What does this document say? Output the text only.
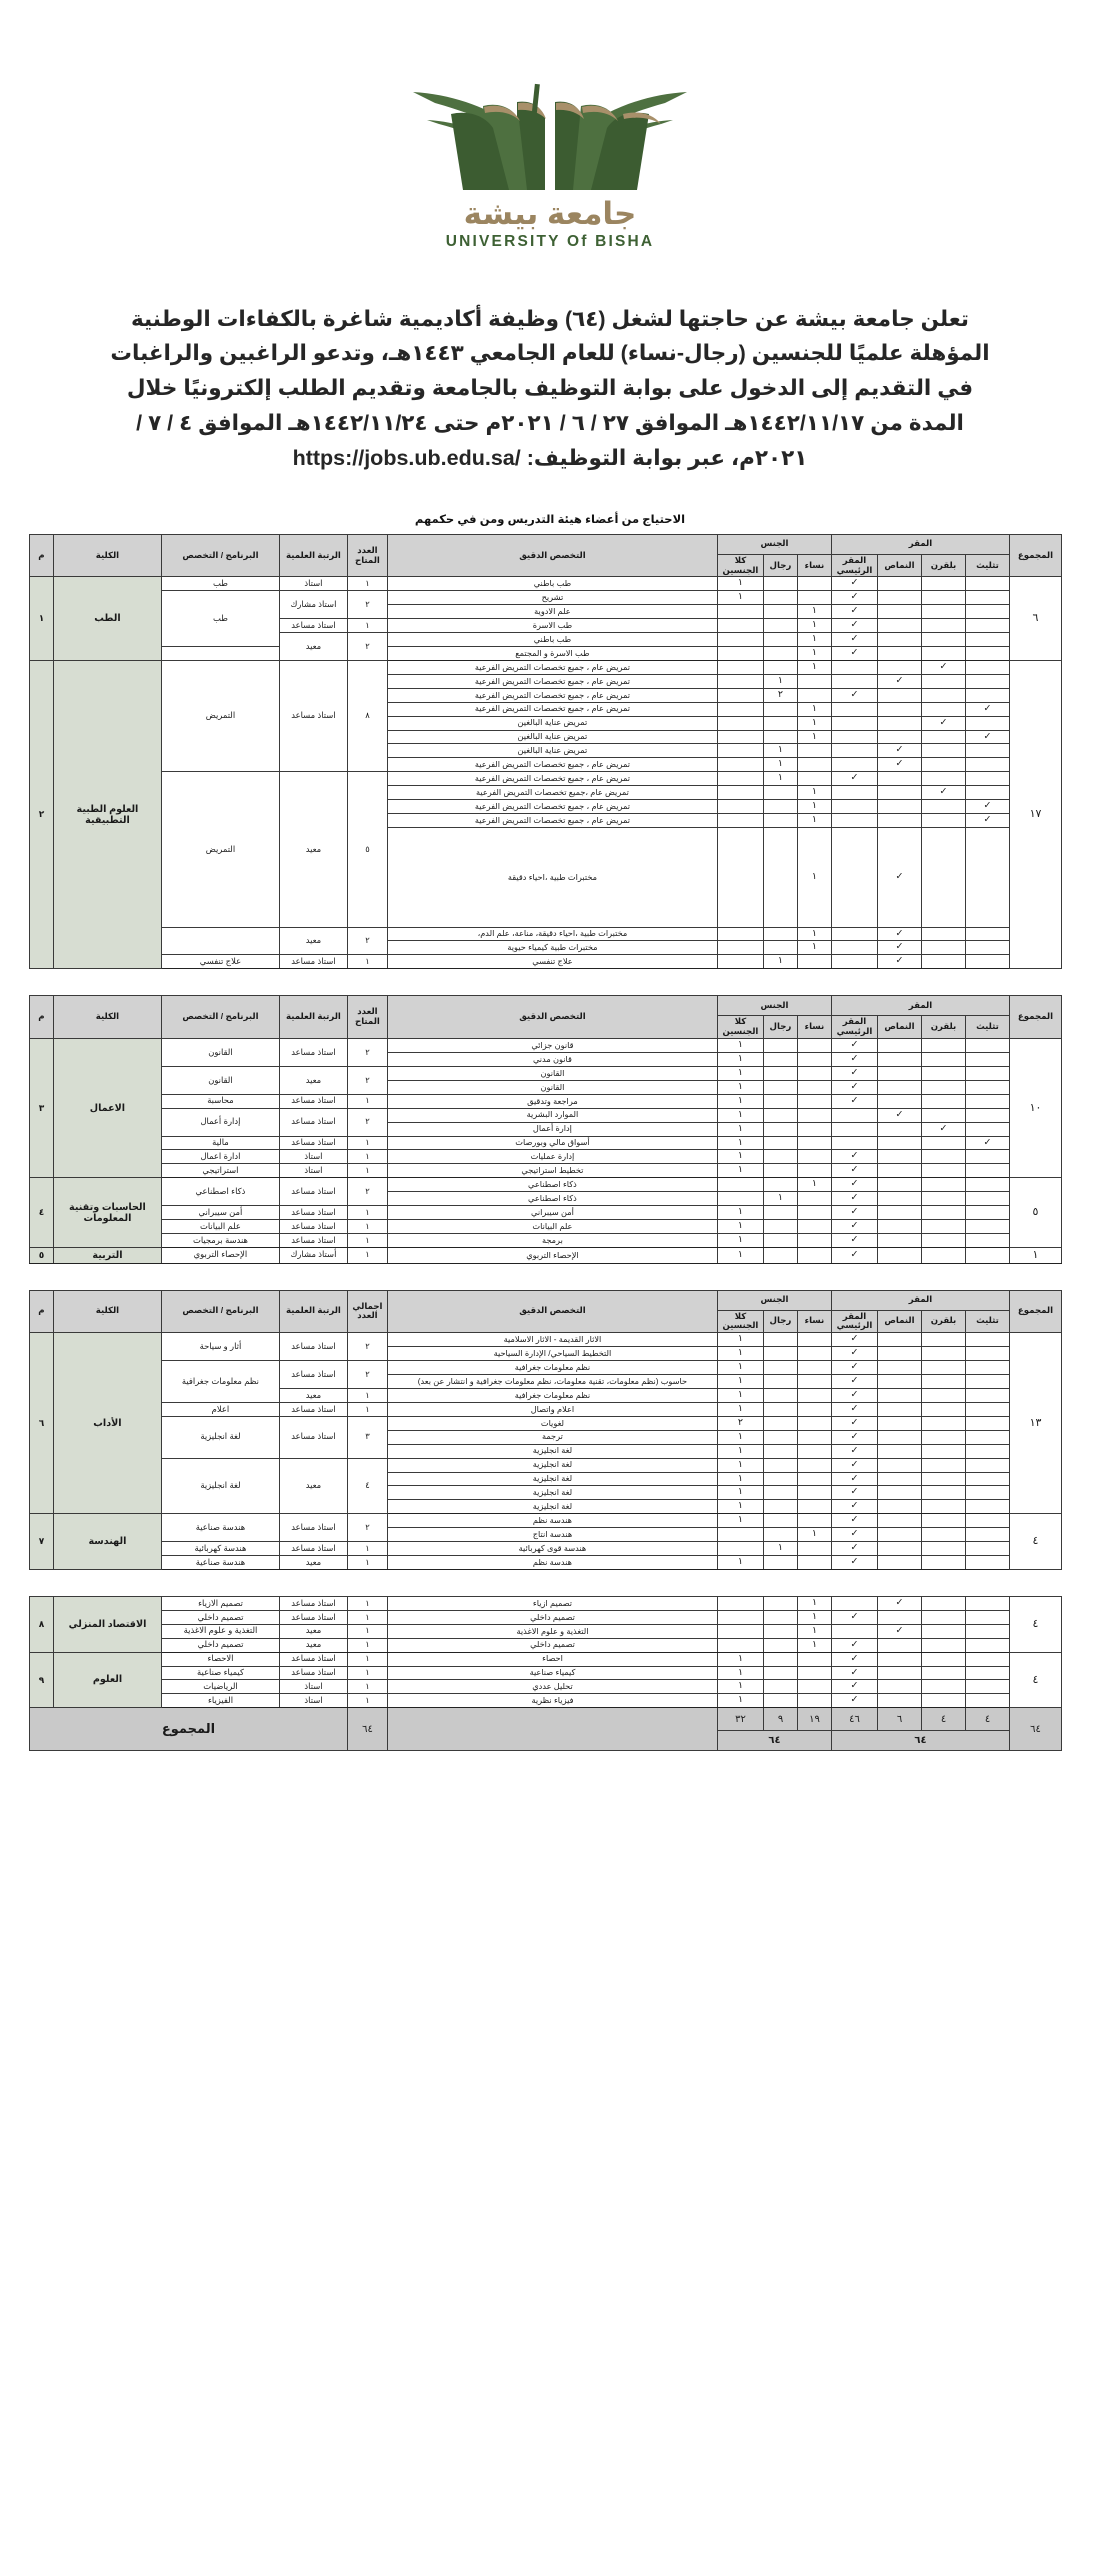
جامعة بيشة
UNIVERSITY Of BISHA
تعلن جامعة بيشة عن حاجتها لشغل (٦٤) وظيفة أكاديمية شاغرة بالكفاءات الوطنية
المؤهلة علميًا للجنسين (رجال-نساء) للعام الجامعي ١٤٤٣هـ، وتدعو الراغبين والراغبات
في التقديم إلى الدخول على بوابة التوظيف بالجامعة وتقديم الطلب إلكترونيًا خلال
المدة من ١٤٤٢/١١/١٧هـ الموافق ٢٧ / ٦ / ٢٠٢١م حتى ١٤٤٢/١١/٢٤هـ الموافق ٤ / ٧ /
٢٠٢١م، عبر بوابة التوظيف: https://jobs.ub.edu.sa/
الاحتياج من أعضاء هيئة التدريس ومن في حكمهم
المجموع	المقر				الجنس			التخصص الدقيق	العدد المتاح	الرتبة العلمية	البرنامج / التخصص	الكلية	م	
	تثليث	بلقرن	النماص	المقر الرئيسي	نساء	رجال	كلا الجنسين							
٦				✓			١	طب باطني	١	استاذ	طب	الطب	١	
				✓			١	تشريح	٢	استاذ مشارك	طب			
				✓	١			علم الادوية						
				✓	١			طب الاسرة	١	استاذ مساعد				
				✓	١			طب باطني	٢	معيد	
				✓	١			طب الاسرة و المجتمع						
١٧		✓			١			تمريض عام ، جميع تخصصات التمريض الفرعية	٨	استاذ مساعد	التمريض	العلوم الطبية التطبيقية	٢	
			✓			١		تمريض عام ، جميع تخصصات التمريض الفرعية						
				✓		٢		تمريض عام ، جميع تخصصات التمريض الفرعية						
	✓				١			تمريض عام ، جميع تخصصات التمريض الفرعية						
		✓			١			تمريض عناية البالغين						
	✓				١			تمريض عناية البالغين						
			✓			١		تمريض عناية البالغين						
			✓			١		تمريض عام ، جميع تخصصات التمريض الفرعية						
				✓		١		تمريض عام ، جميع تخصصات التمريض الفرعية	٥	معيد	التمريض			
		✓			١			تمريض عام ،جميع تخصصات التمريض الفرعية						
	✓				١			تمريض عام ، جميع تخصصات التمريض الفرعية						
	✓				١			تمريض عام ، جميع تخصصات التمريض الفرعية						
			✓		١			مختبرات طبية ،احياء دقيقة			
			✓		١			مختبرات طبية ،احياء دقيقة، مناعة، علم الدم،	٢	معيد				
			✓		١			مختبرات طبية كيمياء حيوية						
			✓			١		علاج تنفسي	١	استاذ مساعد	علاج تنفسي			
المجموع	المقر				الجنس			التخصص الدقيق	العدد المتاح	الرتبة العلمية	البرنامج / التخصص	الكلية	م
	تثليث	بلقرن	النماص	المقر الرئيسي	نساء	رجال	كلا الجنسين						
١٠				✓			١	قانون جزائي	٢	استاذ مساعد	القانون	الاعمال	٣
				✓			١	قانون مدني					
				✓			١	القانون	٢	معيد	القانون		
				✓			١	القانون					
				✓			١	مراجعة وتدقيق	١	استاذ مساعد	محاسبة		
			✓				١	الموارد البشرية	٢	استاذ مساعد	إدارة أعمال		
		✓					١	إدارة أعمال					
	✓						١	أسواق مالي وبورصات	١	استاذ مساعد	مالية		
				✓			١	إدارة عمليات	١	استاذ	ادارة اعمال		
				✓			١	تخطيط استراتيجي	١	استاذ	استراتيجي		
٥				✓	١			ذكاء اصطناعي	٢	استاذ مساعد	ذكاء اصطناعي	الحاسبات وتقنية المعلومات	٤
				✓		١		ذكاء اصطناعي					
				✓			١	أمن سيبراني	١	استاذ مساعد	أمن سيبراني		
				✓			١	علم البيانات	١	استاذ مساعد	علم البيانات		
				✓			١	برمجة	١	استاذ مساعد	هندسة برمجيات		
١				✓			١	الإحصاء التربوي	١	أستاذ مشارك	الإحصاء التربوي	التربية	٥
المجموع	المقر				الجنس			التخصص الدقيق	اجمالي العدد	الرتبة العلمية	البرنامج / التخصص	الكلية	م
	تثليث	بلقرن	النماص	المقر الرئيسي	نساء	رجال	كلا الجنسين						
١٣				✓			١	الاثار القديمة - الاثار الاسلامية	٢	استاذ مساعد	أثار و سياحة	الأداب	٦
				✓			١	التخطيط السياحي/ الإدارة السياحية					
				✓			١	نظم معلومات جغرافية	٢	استاذ مساعد	نظم معلومات جغرافية		
				✓			١	حاسوب (نظم معلومات، تقنية معلومات، نظم معلومات جغرافية و انتشار عن بعد)					
				✓			١	نظم معلومات جغرافية	١	معيد			
				✓			١	اعلام واتصال	١	استاذ مساعد	اعلام		
				✓			٢	لغويات	٣	استاذ مساعد	لغة انجليزية		
				✓			١	ترجمة					
				✓			١	لغة انجليزية					
				✓			١	لغة انجليزية	٤	معيد	لغة انجليزية		
				✓			١	لغة انجليزية					
				✓			١	لغة انجليزية					
				✓			١	لغة انجليزية					
٤				✓			١	هندسة نظم	٢	استاذ مساعد	هندسة صناعية	الهندسة	٧
				✓	١			هندسة انتاج					
				✓		١		هندسة قوى كهربائية	١	استاذ مساعد	هندسة كهربائية		
				✓			١	هندسة نظم	١	معيد	هندسة صناعية		
٤			✓		١			تصميم ازياء	١	استاذ مساعد	تصميم الازياء	الاقتصاد المنزلي	٨
				✓	١			تصميم داخلي	١	استاذ مساعد	تصميم داخلي		
			✓		١			التغذية و علوم الاغذية	١	معيد	التغذية و علوم الاغذية		
				✓	١			تصميم داخلي	١	معيد	تصميم داخلي		
٤				✓			١	احصاء	١	استاذ مساعد	الاحصاء	العلوم	٩
				✓			١	كيمياء صناعية	١	استاذ مساعد	كيمياء صناعية		
				✓			١	تحليل عددي	١	استاذ	الرياضيات		
				✓			١	فيزياء نظرية	١	استاذ	الفيزياء		
٦٤	٤	٤	٦	٤٦	١٩	٩	٣٢		٦٤	المجموع			
	٦٤				٦٤								
